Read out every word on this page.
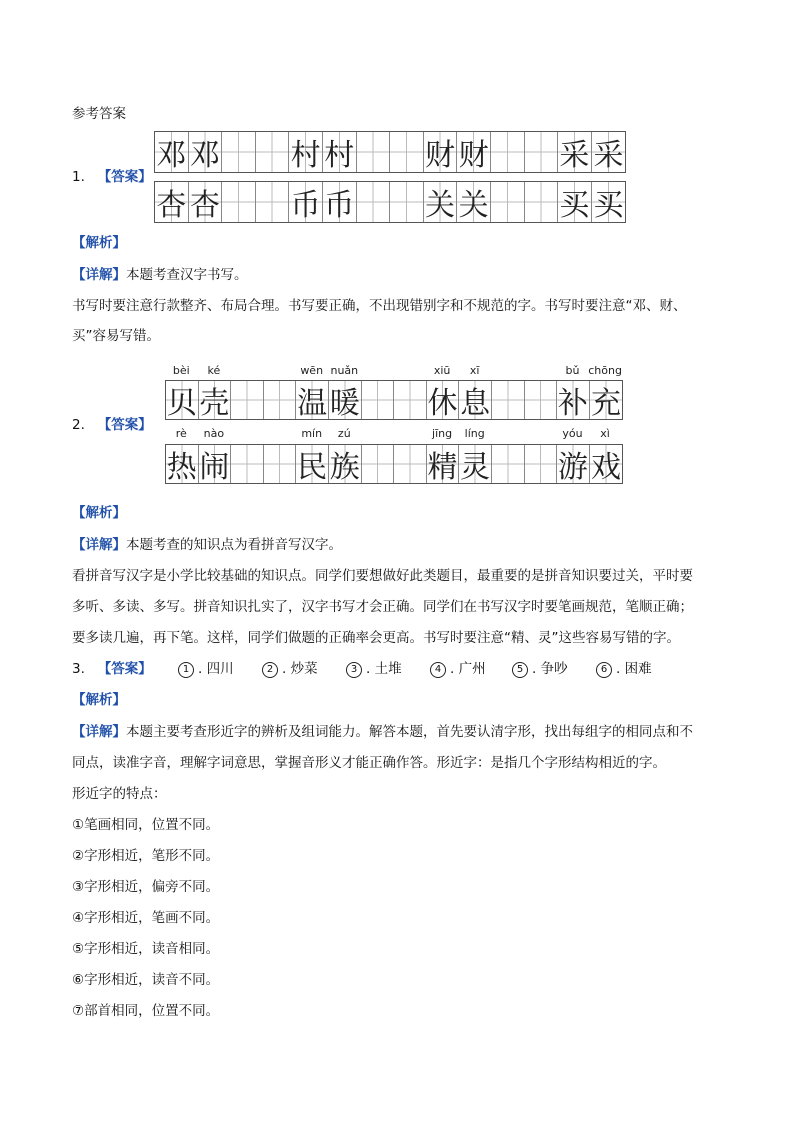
参考答案
1. 【答案】
邓 邓 村 村 财 财 采 采
杏 杏 币 币 关 关 买 买
【解析】
【详解】本题考查汉字书写。
书写时要注意行款整齐、布局合理。书写要正确，不出现错别字和不规范的字。书写时要注意“邓、财、
买”容易写错。
bèi	ké	wēn nuǎn	xiū	xī	bǔ chōng
贝 壳 温 暖 休 息 补 充
2. 【答案】
rè	nào	mín	zú	jīng	líng	yóu	xì
热 闹 民 族 精 灵 游 戏
【解析】
【详解】本题考查的知识点为看拼音写汉字。
看拼音写汉字是小学比较基础的知识点。同学们要想做好此类题目，最重要的是拼音知识要过关，平时要
多听、多读、多写。拼音知识扎实了，汉字书写才会正确。同学们在书写汉字时要笔画规范，笔顺正确；
要多读几遍，再下笔。这样，同学们做题的正确率会更高。书写时要注意“精、灵”这些容易写错的字。
3. 【答案】	1 . 四川	2 . 炒菜	3 . 土堆	4 . 广州	5 . 争吵	6 . 困难
【解析】
【详解】本题主要考查形近字的辨析及组词能力。解答本题，首先要认清字形，找出每组字的相同点和不
同点，读准字音，理解字词意思，掌握音形义才能正确作答。形近字：是指几个字形结构相近的字。
形近字的特点：
①笔画相同，位置不同。
②字形相近，笔形不同。
③字形相近，偏旁不同。
④字形相近，笔画不同。
⑤字形相近，读音相同。
⑥字形相近，读音不同。
⑦部首相同，位置不同。
